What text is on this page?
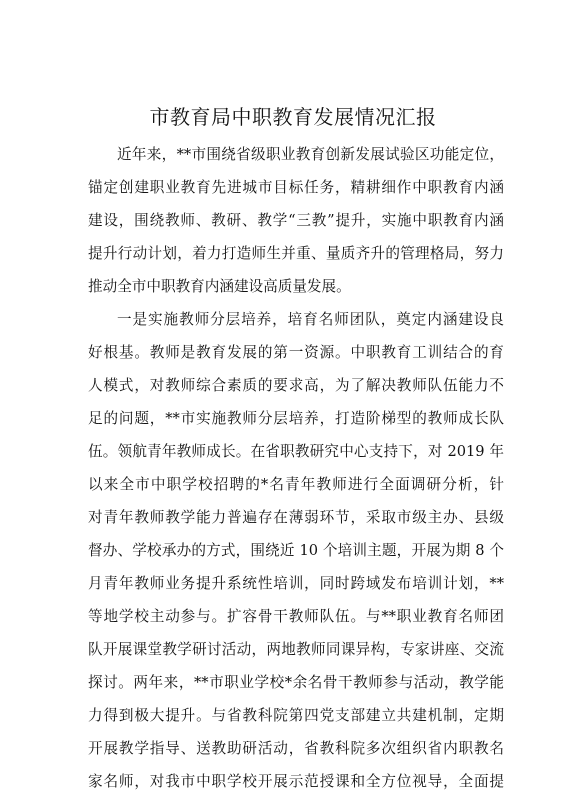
市教育局中职教育发展情况汇报
近年来，**市围绕省级职业教育创新发展试验区功能定位，
锚定创建职业教育先进城市目标任务，精耕细作中职教育内涵
建设，围绕教师、教研、教学“三教”提升，实施中职教育内涵
提升行动计划，着力打造师生并重、量质齐升的管理格局，努力
推动全市中职教育内涵建设高质量发展。
一是实施教师分层培养，培育名师团队，奠定内涵建设良
好根基。教师是教育发展的第一资源。中职教育工训结合的育
人模式，对教师综合素质的要求高，为了解决教师队伍能力不
足的问题，**市实施教师分层培养，打造阶梯型的教师成长队
伍。领航青年教师成长。在省职教研究中心支持下，对 2019 年
以来全市中职学校招聘的*名青年教师进行全面调研分析，针
对青年教师教学能力普遍存在薄弱环节，采取市级主办、县级
督办、学校承办的方式，围绕近 10 个培训主题，开展为期 8 个
月青年教师业务提升系统性培训，同时跨域发布培训计划，**
等地学校主动参与。扩容骨干教师队伍。与**职业教育名师团
队开展课堂教学研讨活动，两地教师同课异构，专家讲座、交流
探讨。两年来，**市职业学校*余名骨干教师参与活动，教学能
力得到极大提升。与省教科院第四党支部建立共建机制，定期
开展教学指导、送教助研活动，省教科院多次组织省内职教名
家名师，对我市中职学校开展示范授课和全方位视导，全面提
